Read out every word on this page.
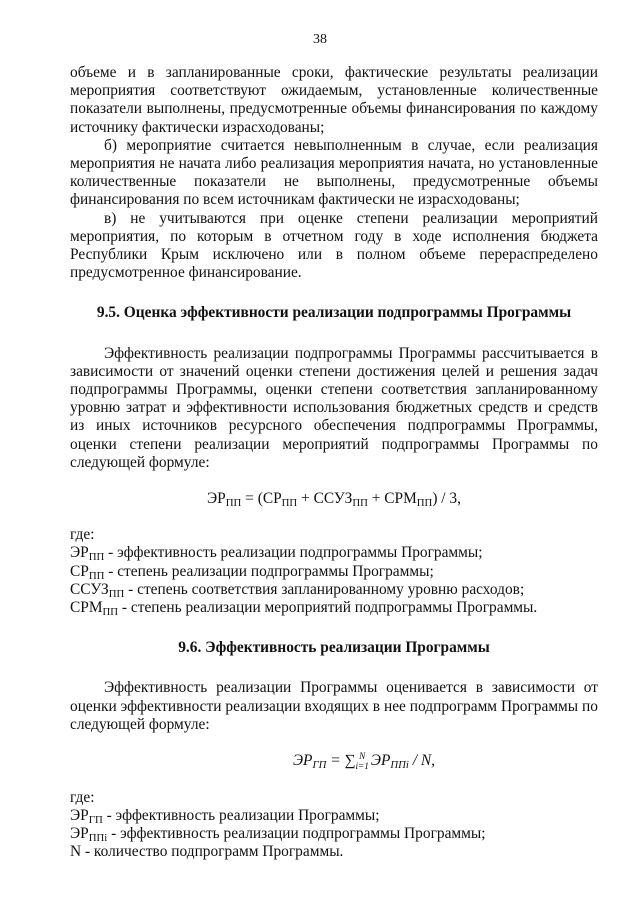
38

объеме и в запланированные сроки, фактические результаты реализации мероприятия соответствуют ожидаемым, установленные количественные показатели выполнены, предусмотренные объемы финансирования по каждому источнику фактически израсходованы;

б) мероприятие считается невыполненным в случае, если реализация мероприятия не начата либо реализация мероприятия начата, но установленные количественные показатели не выполнены, предусмотренные объемы финансирования по всем источникам фактически не израсходованы;

в) не учитываются при оценке степени реализации мероприятий мероприятия, по которым в отчетном году в ходе исполнения бюджета Республики Крым исключено или в полном объеме перераспределено предусмотренное финансирование.

9.5. Оценка эффективности реализации подпрограммы Программы

Эффективность реализации подпрограммы Программы рассчитывается в зависимости от значений оценки степени достижения целей и решения задач подпрограммы Программы, оценки степени соответствия запланированному уровню затрат и эффективности использования бюджетных средств и средств из иных источников ресурсного обеспечения подпрограммы Программы, оценки степени реализации мероприятий подпрограммы Программы по следующей формуле:

$ЭР_{ПП} = (СР_{ПП}$ + $ССУЗ_{ПП} + СРМ_{ПП}) / 3$,

где:

$ЭР_{ПП}$ - эффективность реализации подпрограммы Программы;

$СР_{ПП}$ - степень реализации подпрограммы Программы;

$ССУЗ_{ПП}$ - степень соответствия запланированному уровню расходов;

$СРМ_{ПП}$ - степень реализации мероприятий подпрограммы Программы.

9.6. Эффективность реализации Программы

Эффективность реализации Программы оценивается в зависимости от оценки эффективности реализации входящих в нее подпрограмм Программы по следующей формуле:

$ЭР_{ГП}$ = ∑ N
i=1 $ЭР_{ППi}$ / N,

где:

$ЭР_{ГП}$ - эффективность реализации Программы;

$ЭР_{ППi}$ - эффективность реализации подпрограммы Программы;

N - количество подпрограмм Программы.
